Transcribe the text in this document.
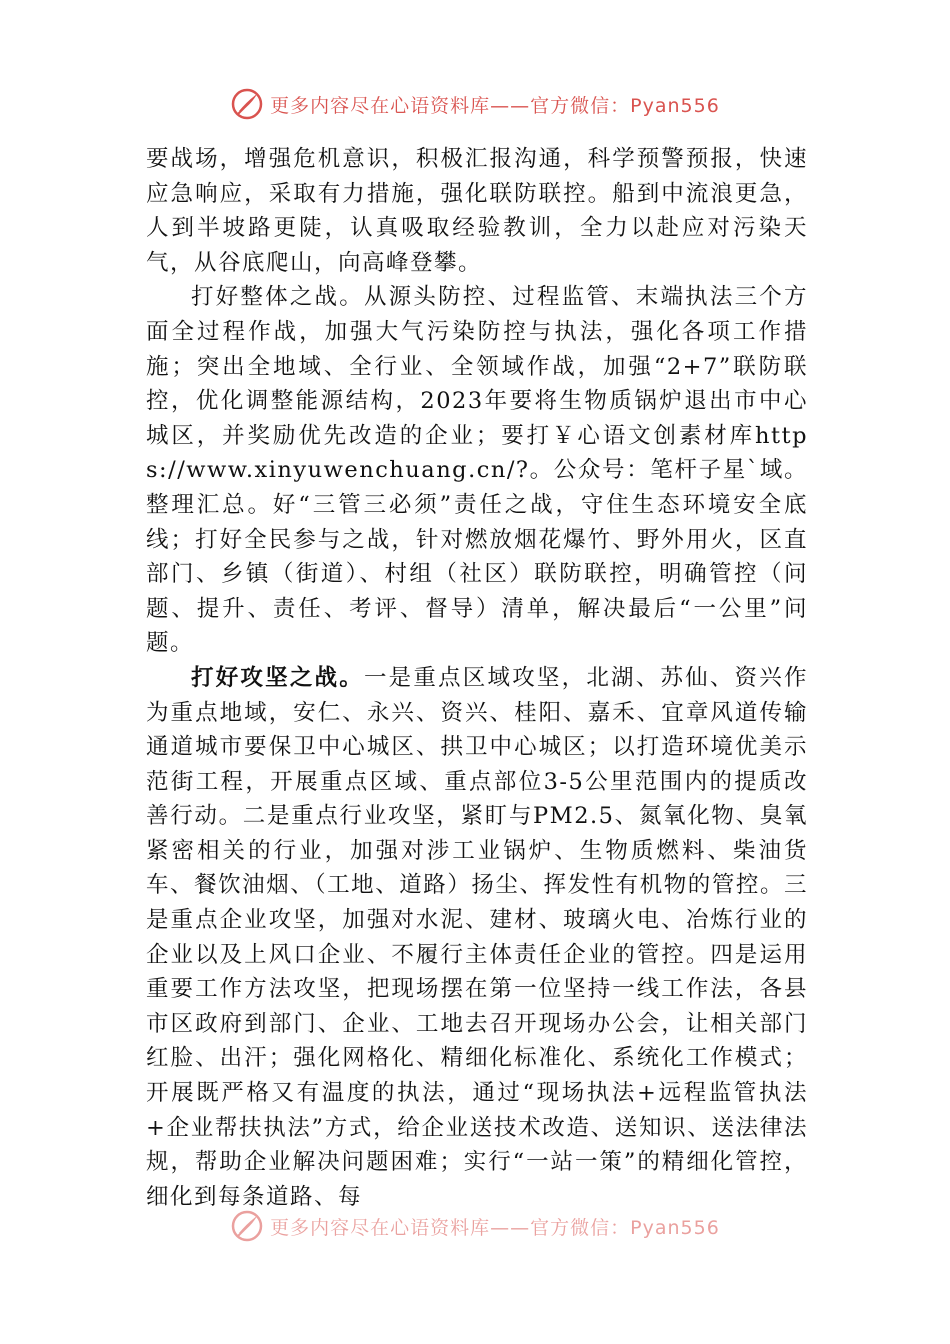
更多内容尽在心语资料库——官方微信：Pyan556

要战场，增强危机意识，积极汇报沟通，科学预警预报，快速应急响应，采取有力措施，强化联防联控。船到中流浪更急，人到半坡路更陡，认真吸取经验教训，全力以赴应对污染天气，从谷底爬山，向高峰登攀。

打好整体之战。从源头防控、过程监管、末端执法三个方面全过程作战，加强大气污染防控与执法，强化各项工作措施；突出全地域、全行业、全领域作战，加强“2+7”联防联控，优化调整能源结构，2023年要将生物质锅炉退出市中心城区，并奖励优先改造的企业；要打￥心语文创素材库https://www.xinyuwenchuang.cn/?。公众号：笔杆子星`域。整理汇总。好“三管三必须”责任之战，守住生态环境安全底线；打好全民参与之战，针对燃放烟花爆竹、野外用火，区直部门、乡镇（街道）、村组（社区）联防联控，明确管控（问题、提升、责任、考评、督导）清单，解决最后“一公里”问题。

打好攻坚之战。一是重点区域攻坚，北湖、苏仙、资兴作为重点地域，安仁、永兴、资兴、桂阳、嘉禾、宜章风道传输通道城市要保卫中心城区、拱卫中心城区；以打造环境优美示范街工程，开展重点区域、重点部位3-5公里范围内的提质改善行动。二是重点行业攻坚，紧盯与PM2.5、氮氧化物、臭氧紧密相关的行业，加强对涉工业锅炉、生物质燃料、柴油货车、餐饮油烟、（工地、道路）扬尘、挥发性有机物的管控。三是重点企业攻坚，加强对水泥、建材、玻璃火电、冶炼行业的企业以及上风口企业、不履行主体责任企业的管控。四是运用重要工作方法攻坚，把现场摆在第一位坚持一线工作法，各县市区政府到部门、企业、工地去召开现场办公会，让相关部门红脸、出汗；强化网格化、精细化标准化、系统化工作模式；开展既严格又有温度的执法，通过“现场执法+远程监管执法+企业帮扶执法”方式，给企业送技术改造、送知识、送法律法规，帮助企业解决问题困难；实行“一站一策”的精细化管控，细化到每条道路、每

更多内容尽在心语资料库——官方微信：Pyan556
